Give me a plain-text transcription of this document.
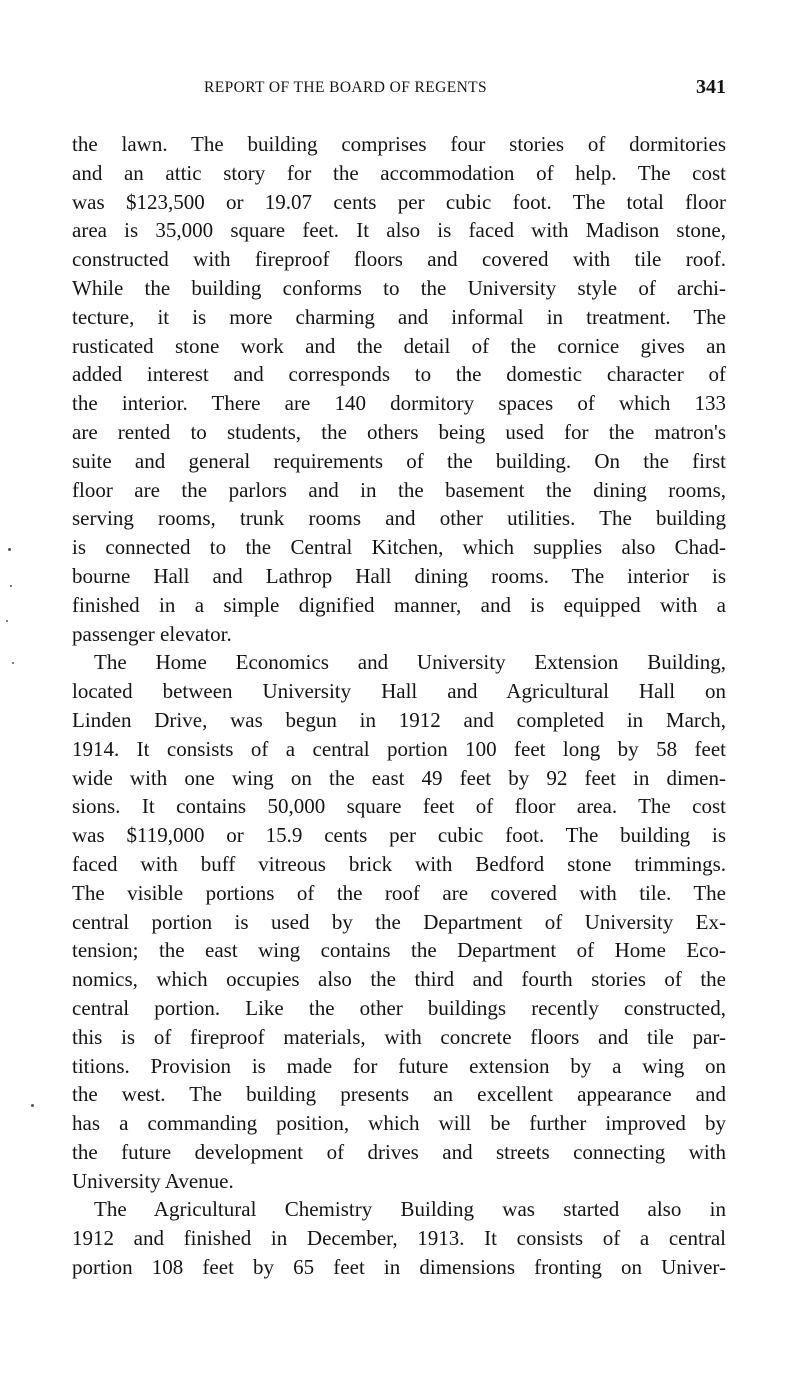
REPORT OF THE BOARD OF REGENTS	341
the lawn. The building comprises four stories of dormitories
and an attic story for the accommodation of help. The cost
was $123,500 or 19.07 cents per cubic foot. The total floor
area is 35,000 square feet. It also is faced with Madison stone,
constructed with fireproof floors and covered with tile roof.
While the building conforms to the University style of archi-
tecture, it is more charming and informal in treatment. The
rusticated stone work and the detail of the cornice gives an
added interest and corresponds to the domestic character of
the interior. There are 140 dormitory spaces of which 133
are rented to students, the others being used for the matron's
suite and general requirements of the building. On the first
floor are the parlors and in the basement the dining rooms,
serving rooms, trunk rooms and other utilities. The building
is connected to the Central Kitchen, which supplies also Chad-
bourne Hall and Lathrop Hall dining rooms. The interior is
finished in a simple dignified manner, and is equipped with a
passenger elevator.
The Home Economics and University Extension Building,
located between University Hall and Agricultural Hall on
Linden Drive, was begun in 1912 and completed in March,
1914. It consists of a central portion 100 feet long by 58 feet
wide with one wing on the east 49 feet by 92 feet in dimen-
sions. It contains 50,000 square feet of floor area. The cost
was $119,000 or 15.9 cents per cubic foot. The building is
faced with buff vitreous brick with Bedford stone trimmings.
The visible portions of the roof are covered with tile. The
central portion is used by the Department of University Ex-
tension; the east wing contains the Department of Home Eco-
nomics, which occupies also the third and fourth stories of the
central portion. Like the other buildings recently constructed,
this is of fireproof materials, with concrete floors and tile par-
titions. Provision is made for future extension by a wing on
the west. The building presents an excellent appearance and
has a commanding position, which will be further improved by
the future development of drives and streets connecting with
University Avenue.
The Agricultural Chemistry Building was started also in
1912 and finished in December, 1913. It consists of a central
portion 108 feet by 65 feet in dimensions fronting on Univer-
